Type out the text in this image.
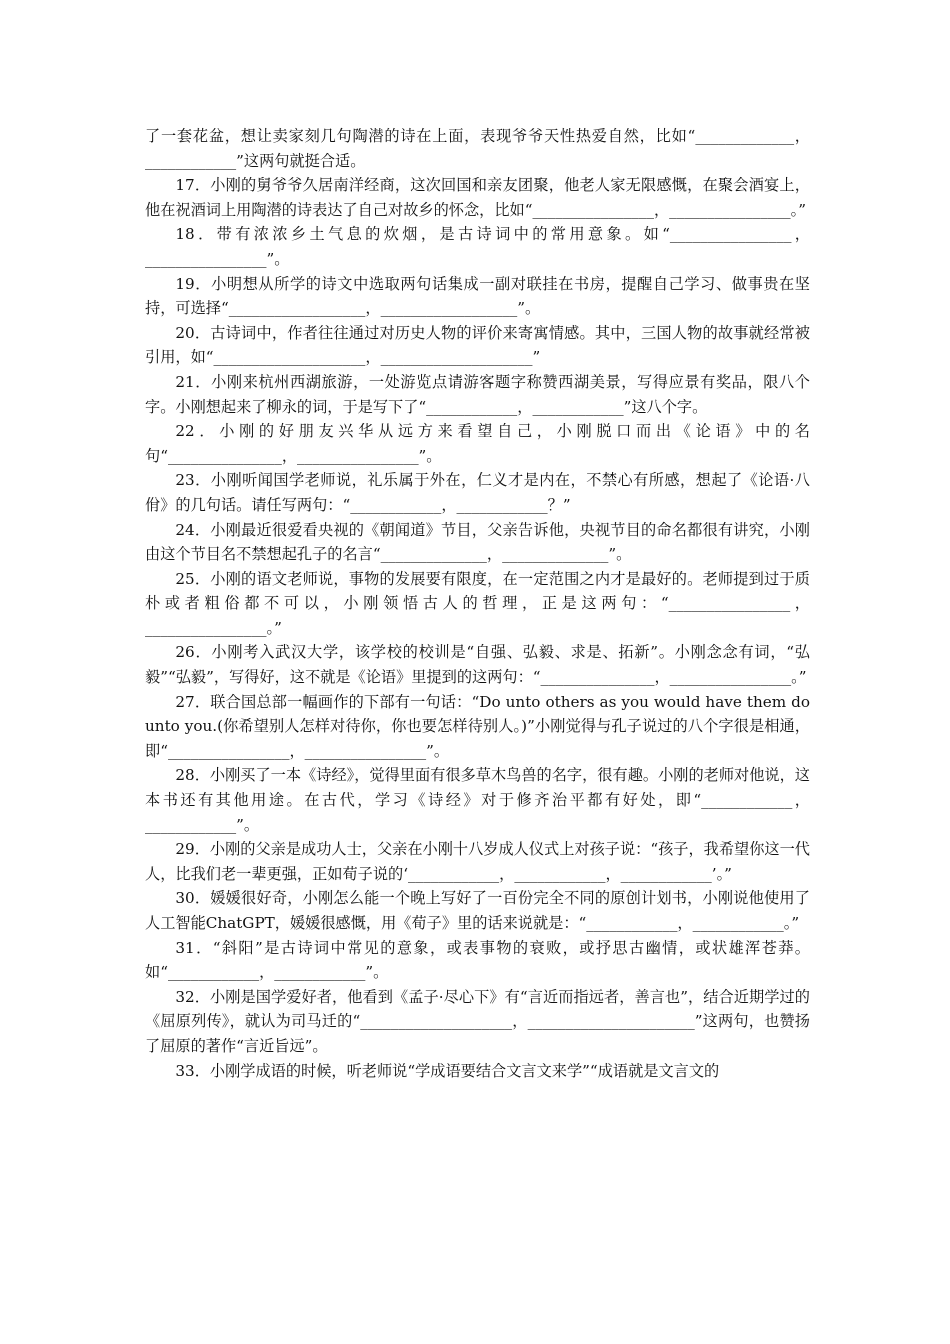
了一套花盆，想让卖家刻几句陶潜的诗在上面，表现爷爷天性热爱自然，比如“_____________，____________”这两句就挺合适。

17．小刚的舅爷爷久居南洋经商，这次回国和亲友团聚，他老人家无限感慨，在聚会酒宴上，他在祝酒词上用陶潜的诗表达了自己对故乡的怀念，比如“________________，________________。”

18．带有浓浓乡土气息的炊烟，是古诗词中的常用意象。如“________________，________________”。

19．小明想从所学的诗文中选取两句话集成一副对联挂在书房，提醒自己学习、做事贵在坚持，可选择“__________________，__________________”。

20．古诗词中，作者往往通过对历史人物的评价来寄寓情感。其中，三国人物的故事就经常被引用，如“____________________，____________________”

21．小刚来杭州西湖旅游，一处游览点请游客题字称赞西湖美景，写得应景有奖品，限八个字。小刚想起来了柳永的词，于是写下了“____________，____________”这八个字。

22．小刚的好朋友兴华从远方来看望自己，小刚脱口而出《论语》中的名句“_______________，________________”。

23．小刚听闻国学老师说，礼乐属于外在，仁义才是内在，不禁心有所感，想起了《论语·八佾》的几句话。请任写两句：“____________，____________？”

24．小刚最近很爱看央视的《朝闻道》节目，父亲告诉他，央视节目的命名都很有讲究，小刚由这个节目名不禁想起孔子的名言“______________，______________”。

25．小刚的语文老师说，事物的发展要有限度，在一定范围之内才是最好的。老师提到过于质朴或者粗俗都不可以，小刚领悟古人的哲理，正是这两句：“________________，________________。”

26．小刚考入武汉大学，该学校的校训是“自强、弘毅、求是、拓新”。小刚念念有词，“弘毅”“弘毅”，写得好，这不就是《论语》里提到的这两句：“_______________，________________。”

27．联合国总部一幅画作的下部有一句话：“Do unto others as you would have them do unto you.(你希望别人怎样对待你，你也要怎样待别人。)”小刚觉得与孔子说过的八个字很是相通，即“________________，________________”。

28．小刚买了一本《诗经》，觉得里面有很多草木鸟兽的名字，很有趣。小刚的老师对他说，这本书还有其他用途。在古代，学习《诗经》对于修齐治平都有好处，即“____________，____________”。

29．小刚的父亲是成功人士，父亲在小刚十八岁成人仪式上对孩子说：“孩子，我希望你这一代人，比我们老一辈更强，正如荀子说的‘____________，____________，____________’。”

30．媛媛很好奇，小刚怎么能一个晚上写好了一百份完全不同的原创计划书，小刚说他使用了人工智能ChatGPT，媛媛很感慨，用《荀子》里的话来说就是：“____________，____________。”

31．“斜阳”是古诗词中常见的意象，或表事物的衰败，或抒思古幽情，或状雄浑苍莽。如“____________，____________”。

32．小刚是国学爱好者，他看到《孟子·尽心下》有“言近而指远者，善言也”，结合近期学过的《屈原列传》，就认为司马迁的“____________________，______________________”这两句，也赞扬了屈原的著作“言近旨远”。

33．小刚学成语的时候，听老师说“学成语要结合文言文来学”“成语就是文言文的
